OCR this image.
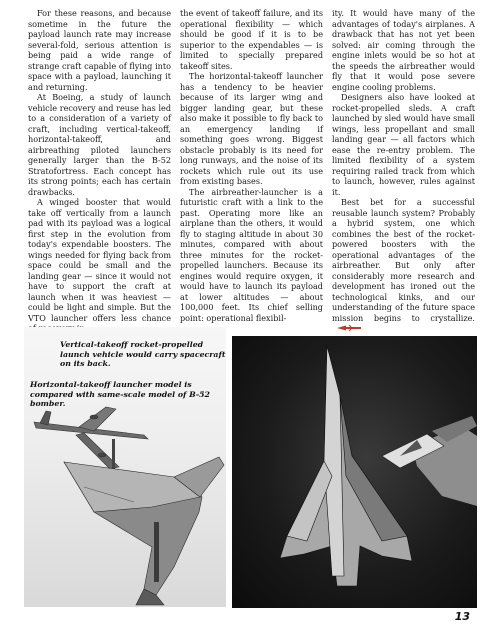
For these reasons, and because sometime in the future the payload launch rate may increase several-fold, serious attention is being paid a wide range of strange craft capable of flying into space with a payload, launching it and returning.

At Boeing, a study of launch vehicle recovery and reuse has led to a consideration of a variety of craft, including vertical-takeoff, horizontal-takeoff, and airbreathing piloted launchers generally larger than the B-52 Stratofortress. Each concept has its strong points; each has certain drawbacks.

A winged booster that would take off vertically from a launch pad with its payload was a logical first step in the evolution from today's expendable boosters. The wings needed for flying back from space could be small and the landing gear — since it would not have to support the craft at launch when it was heaviest — could be light and simple. But the VTO launcher offers less chance

the event of takeoff failure, and its operational flexibility — which should be good if it is to be superior to the expendables — is limited to specially prepared takeoff sites.

The horizontal-takeoff launcher has a tendency to be heavier because of its larger wing and bigger landing gear, but these also make it possible to fly back to an emergency landing if something goes wrong. Biggest obstacle probably is its need for long runways, and the noise of its rockets which rule out its use from existing bases.

The airbreather-launcher is a futuristic craft with a link to the past. Operating more like an airplane than the others, it would fly to staging altitude in about 30 minutes, compared with about three minutes for the rocket-propelled launchers. Because its engines would require oxygen, it would have to launch its payload at lower altitudes — about 100,000 feet. Its chief selling point: operational flexibil-

ity. It would have many of the advantages of today's airplanes. A drawback that has not yet been solved: air coming through the engine inlets would be so hot at the speeds the airbreather would fly that it would pose severe engine cooling problems.

Designers also have looked at rocket-propelled sleds. A craft launched by sled would have small wings, less propellant and small landing gear — all factors which ease the re-entry problem. The limited flexibility of a system requiring railed track from which to launch, however, rules against it.

Best bet for a successful reusable launch system? Probably a hybrid system, one which combines the best of the rocket-powered boosters with the operational advantages of the airbreather. But only after considerably more research and development has ironed out the technological kinks, and our understanding of the future space mission begins to crystallize.

Vertical-takeoff rocket-propelled launch vehicle would carry spacecraft on its back.
Horizontal-takeoff launcher model is compared with same-scale model of B-52 bomber.
13
